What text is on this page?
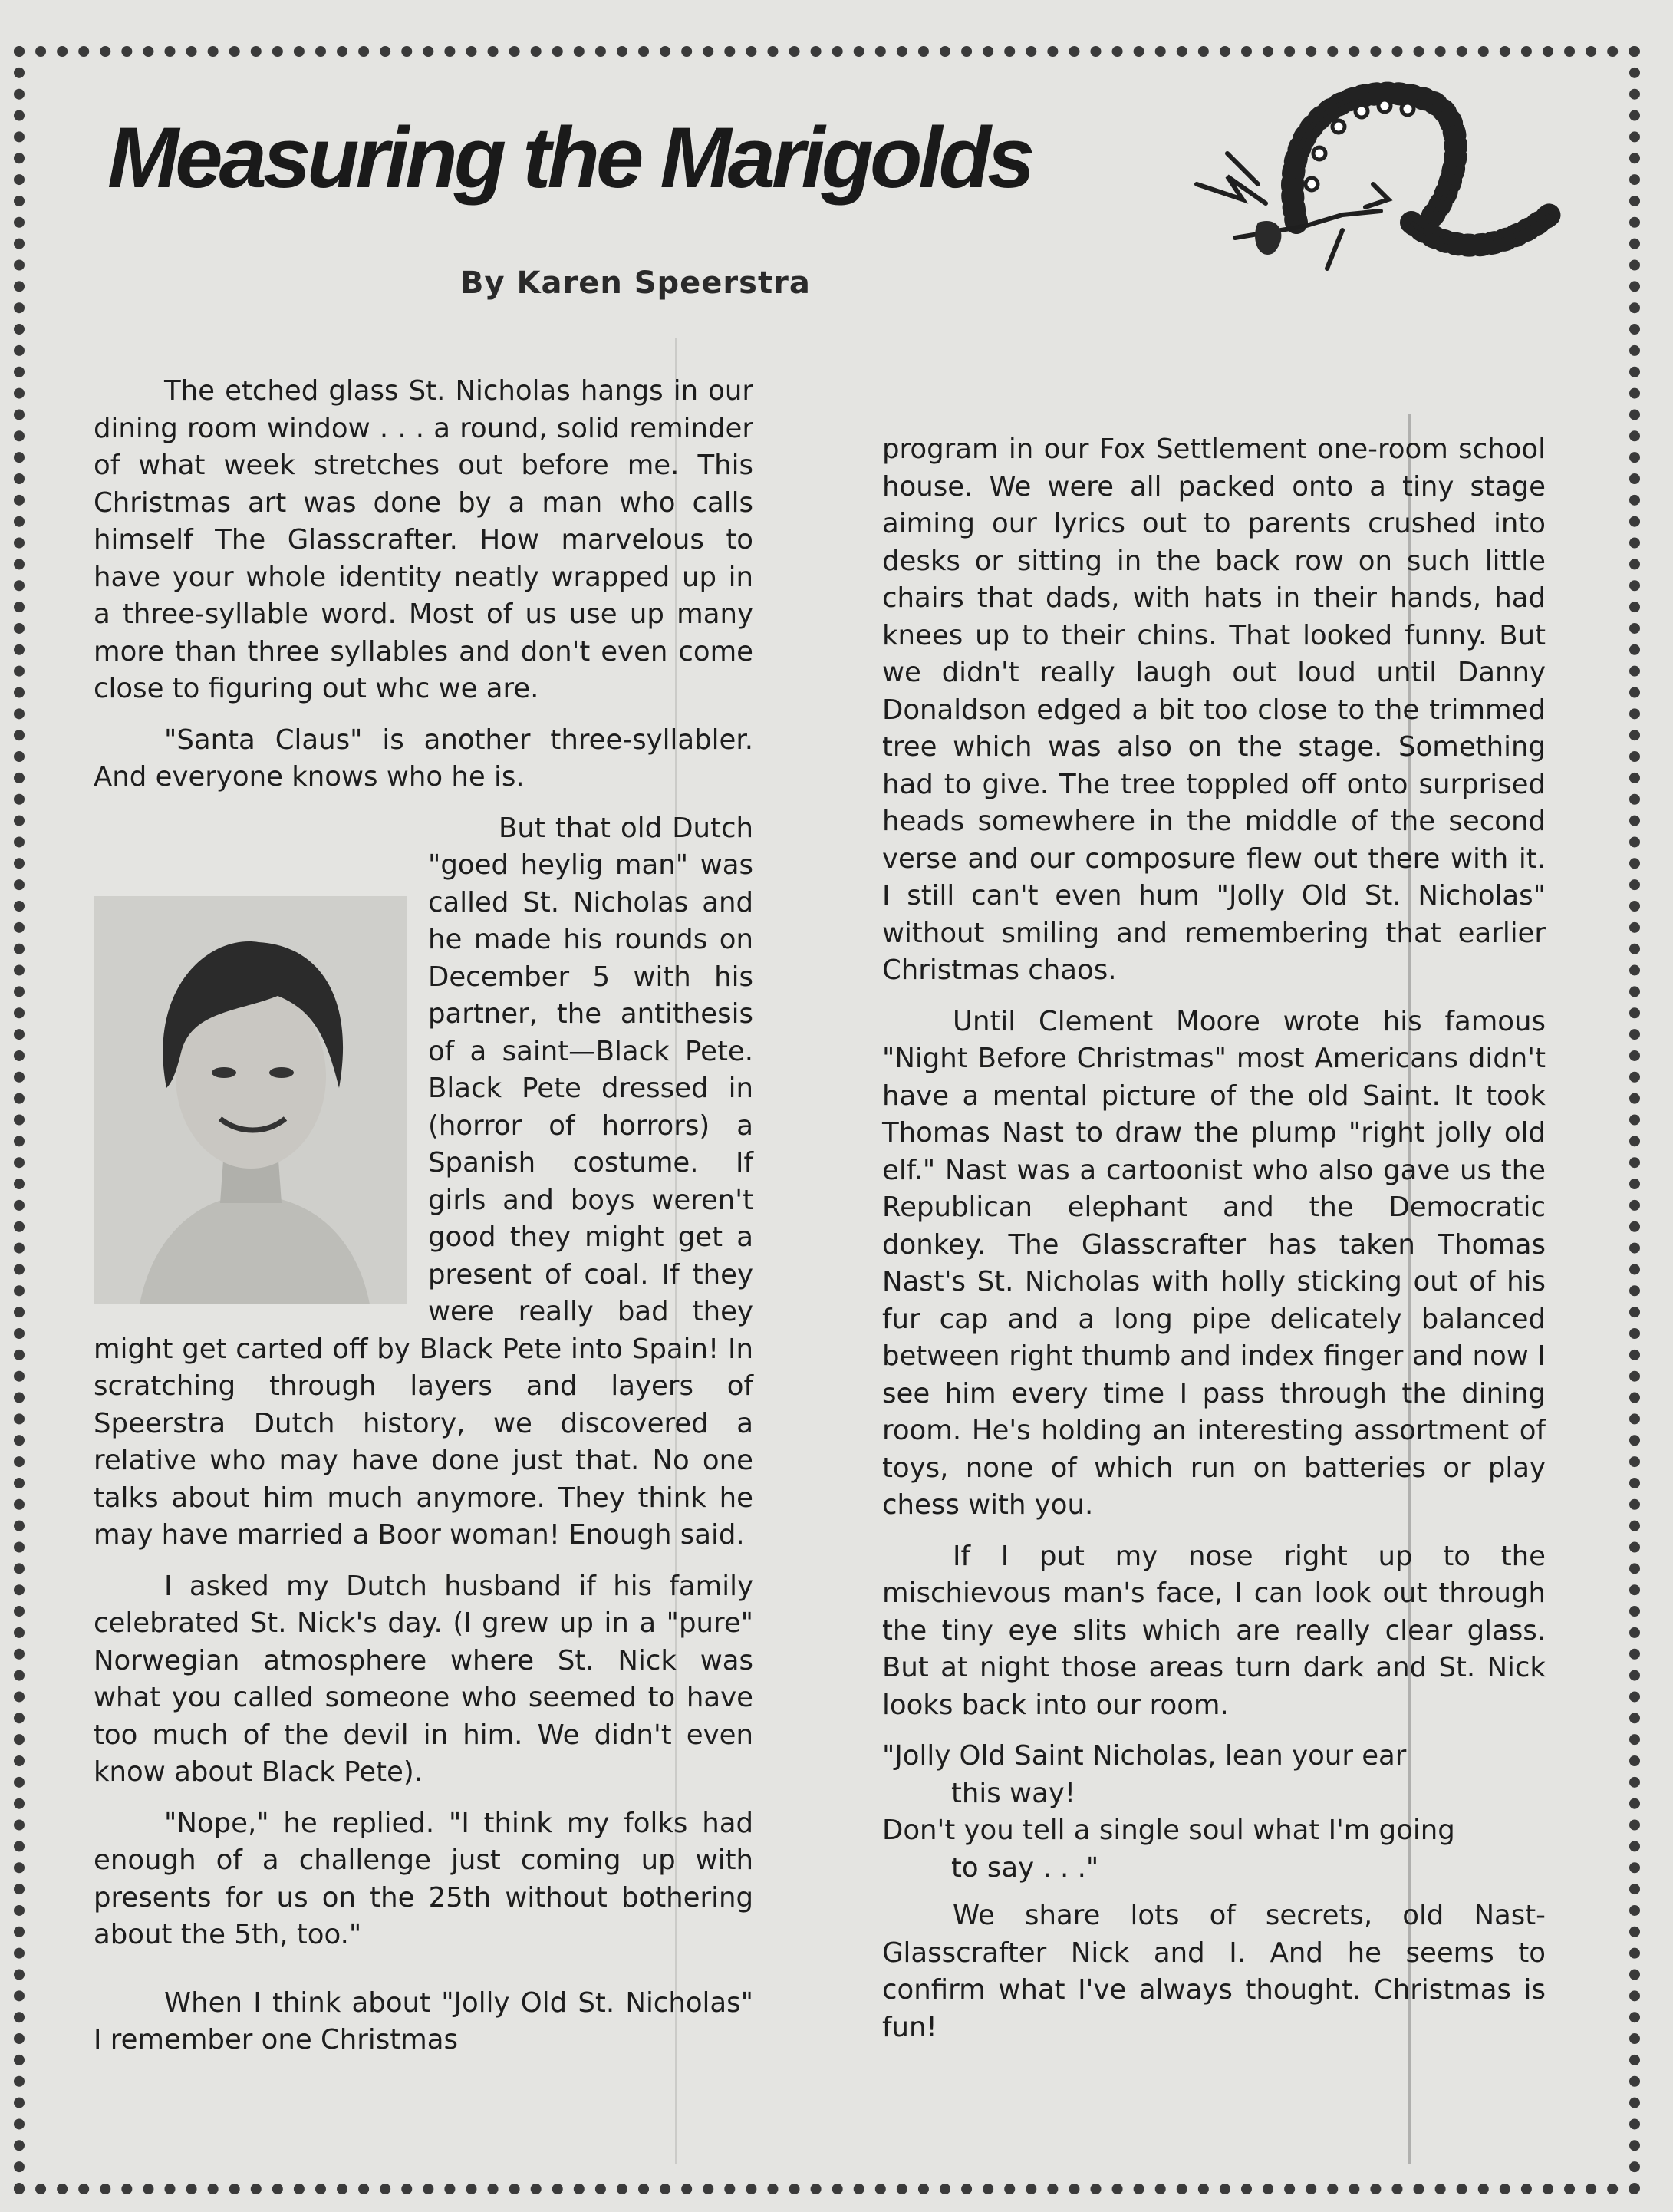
Measuring the Marigolds
By Karen Speerstra

The etched glass St. Nicholas hangs in our dining room window . . . a round, solid reminder of what week stretches out before me. This Christmas art was done by a man who calls himself The Glasscrafter. How marvelous to have your whole identity neatly wrapped up in a three-syllable word. Most of us use up many more than three syllables and don't even come close to figuring out whc we are.

"Santa Claus" is another three-syllabler. And everyone knows who he is.

But that old Dutch "goed heylig man" was called St. Nicholas and he made his rounds on December 5 with his partner, the antithesis of a saint—Black Pete. Black Pete dressed in (horror of horrors) a Spanish costume. If girls and boys weren't good they might get a present of coal. If they were really bad they might get carted off by Black Pete into Spain! In scratching through layers and layers of Speerstra Dutch history, we discovered a relative who may have done just that. No one talks about him much anymore. They think he may have married a Boor woman! Enough said.

I asked my Dutch husband if his family celebrated St. Nick's day. (I grew up in a "pure" Norwegian atmosphere where St. Nick was what you called someone who seemed to have too much of the devil in him. We didn't even know about Black Pete).

"Nope," he replied. "I think my folks had enough of a challenge just coming up with presents for us on the 25th without bothering about the 5th, too."

When I think about "Jolly Old St. Nicholas" I remember one Christmas

program in our Fox Settlement one-room school house. We were all packed onto a tiny stage aiming our lyrics out to parents crushed into desks or sitting in the back row on such little chairs that dads, with hats in their hands, had knees up to their chins. That looked funny. But we didn't really laugh out loud until Danny Donaldson edged a bit too close to the trimmed tree which was also on the stage. Something had to give. The tree toppled off onto surprised heads somewhere in the middle of the second verse and our composure flew out there with it. I still can't even hum "Jolly Old St. Nicholas" without smiling and remembering that earlier Christmas chaos.

Until Clement Moore wrote his famous "Night Before Christmas" most Americans didn't have a mental picture of the old Saint. It took Thomas Nast to draw the plump "right jolly old elf." Nast was a cartoonist who also gave us the Republican elephant and the Democratic donkey. The Glasscrafter has taken Thomas Nast's St. Nicholas with holly sticking out of his fur cap and a long pipe delicately balanced between right thumb and index finger and now I see him every time I pass through the dining room. He's holding an interesting assortment of toys, none of which run on batteries or play chess with you.

If I put my nose right up to the mischievous man's face, I can look out through the tiny eye slits which are really clear glass. But at night those areas turn dark and St. Nick looks back into our room.

"Jolly Old Saint Nicholas, lean your ear
this way!
Don't you tell a single soul what I'm going
to say . . ."

We share lots of secrets, old Nast-Glasscrafter Nick and I. And he seems to confirm what I've always thought. Christmas is fun!
